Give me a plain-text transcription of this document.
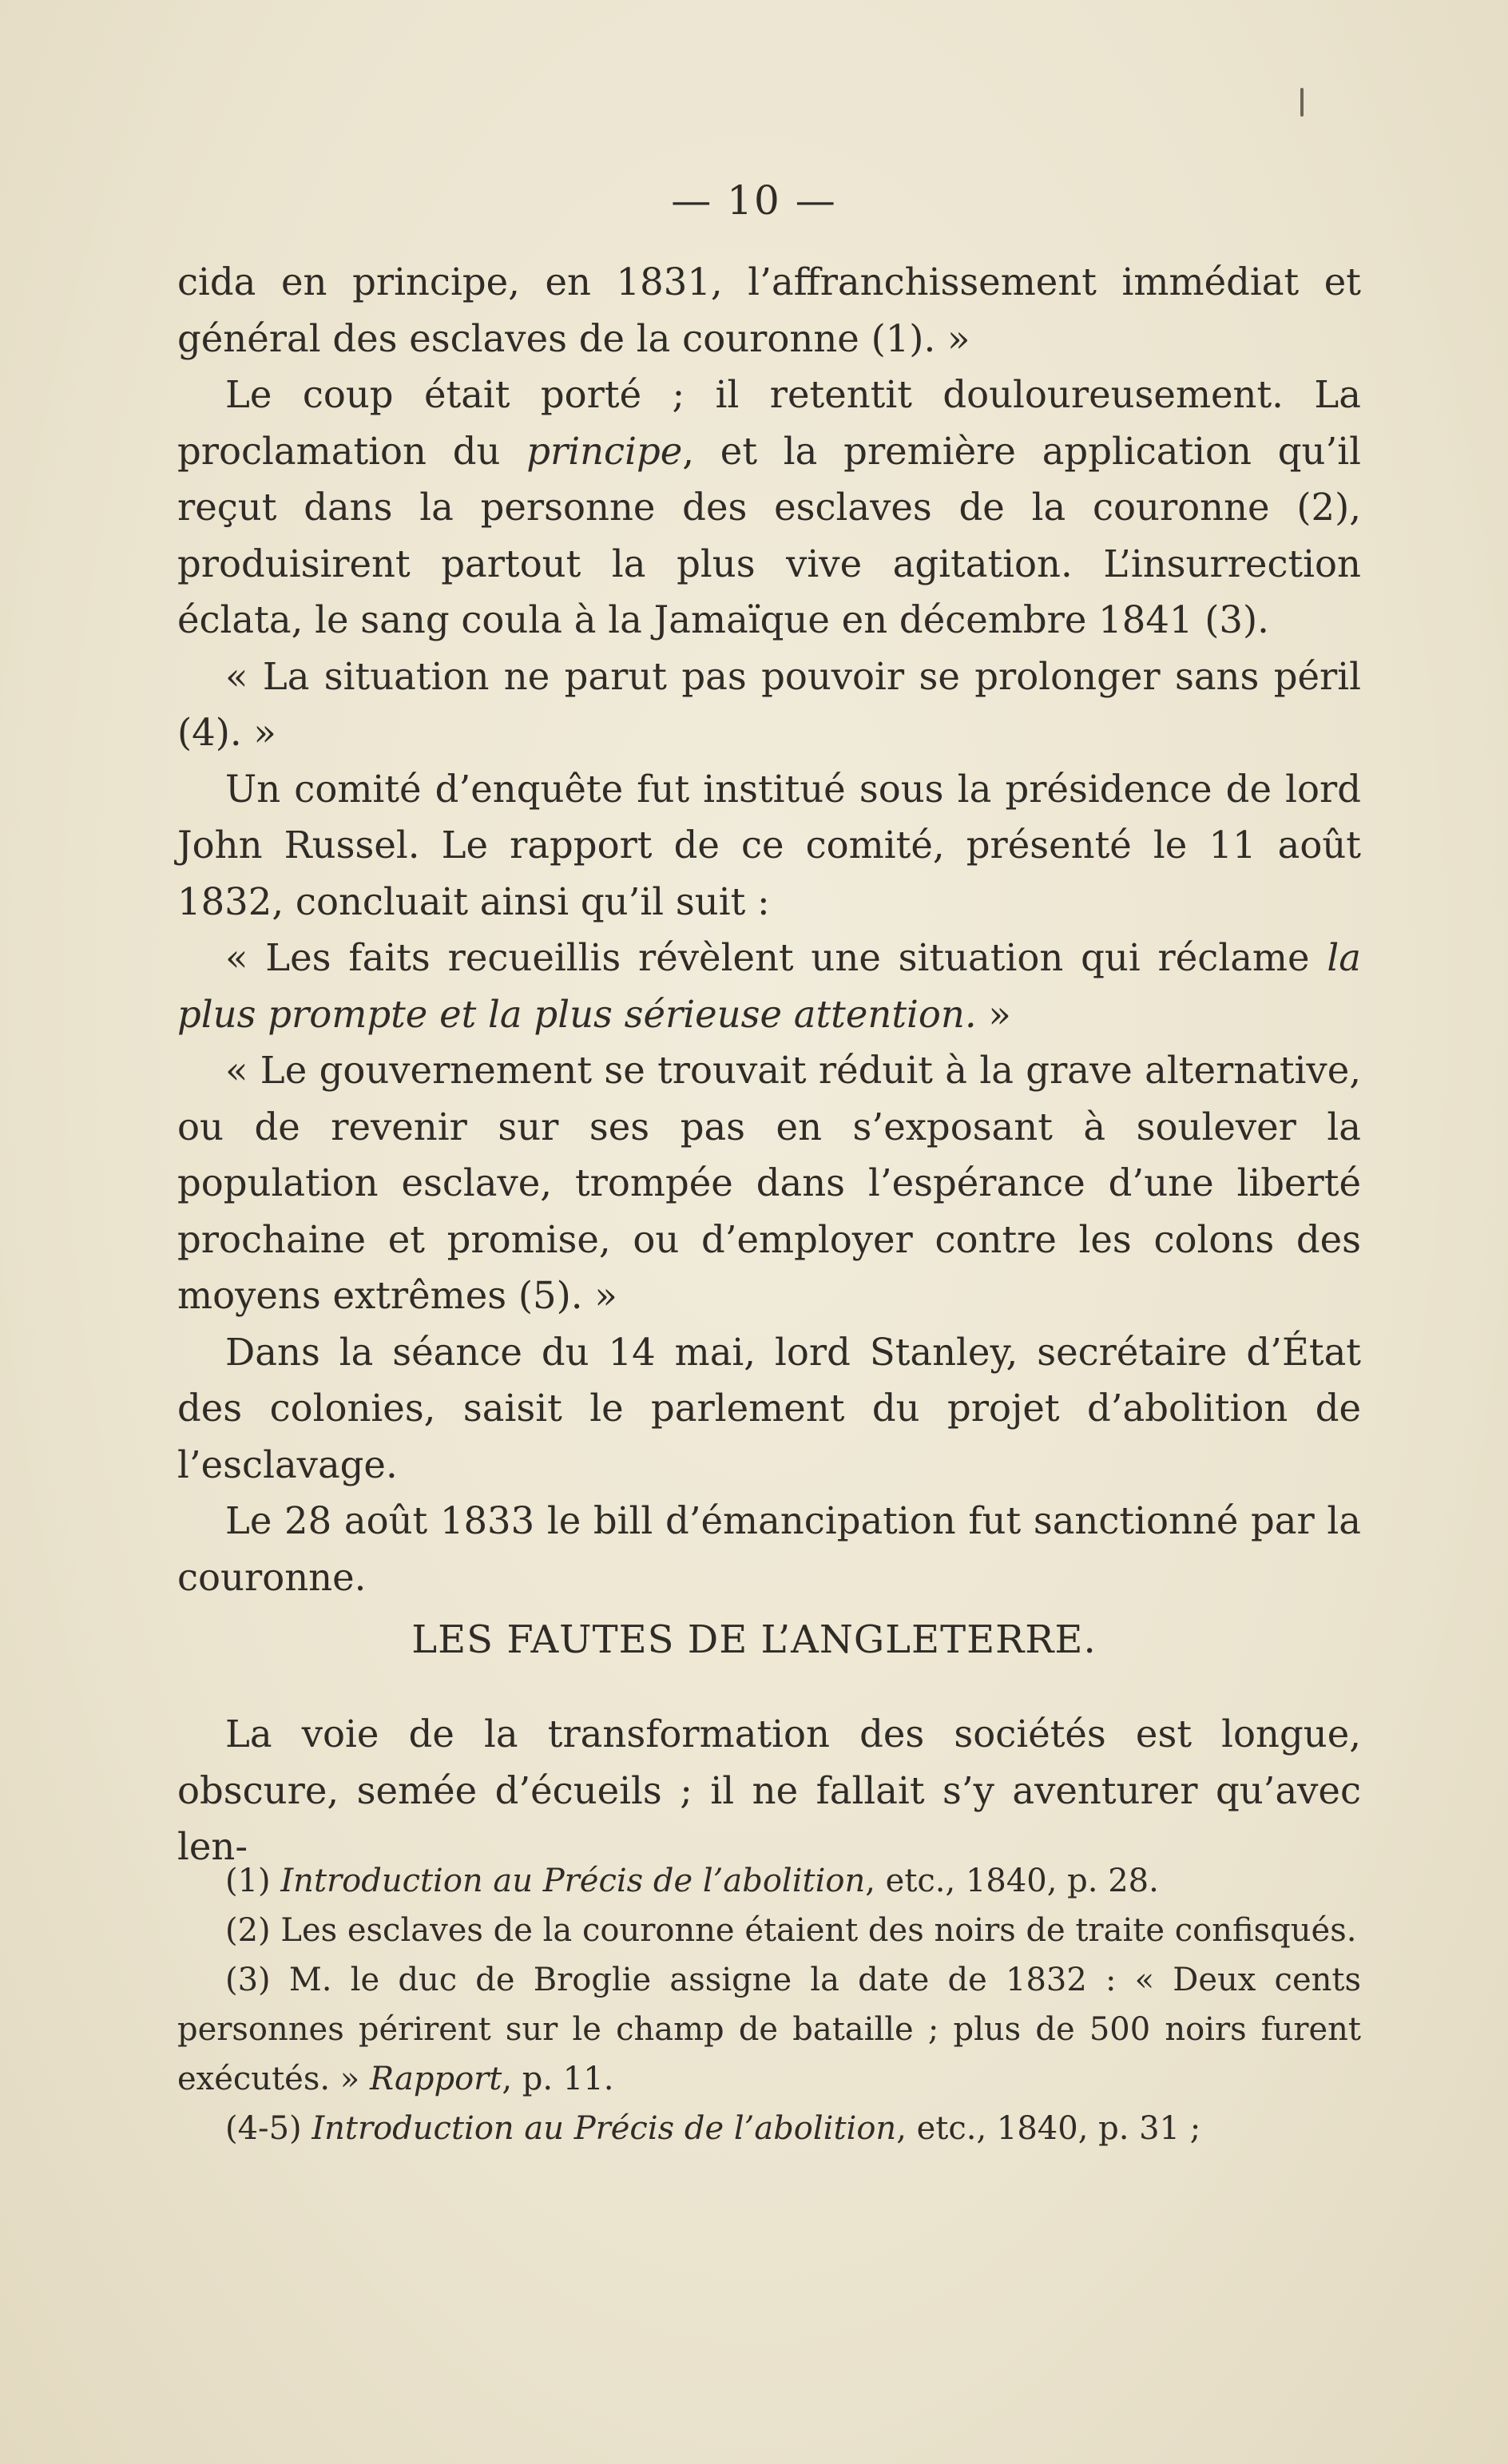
— 10 —

cida en principe, en 1831, l’affranchissement immédiat et général des esclaves de la couronne (1). »

Le coup était porté ; il retentit douloureusement. La proclamation du principe, et la première application qu’il reçut dans la personne des esclaves de la couronne (2), produisirent partout la plus vive agitation. L’insurrection éclata, le sang coula à la Jamaïque en décembre 1841 (3).

« La situation ne parut pas pouvoir se prolonger sans péril (4). »

Un comité d’enquête fut institué sous la présidence de lord John Russel. Le rapport de ce comité, présenté le 11 août 1832, concluait ainsi qu’il suit :

« Les faits recueillis révèlent une situation qui réclame la plus prompte et la plus sérieuse attention. »

« Le gouvernement se trouvait réduit à la grave alternative, ou de revenir sur ses pas en s’exposant à soulever la population esclave, trompée dans l’espérance d’une liberté prochaine et promise, ou d’employer contre les colons des moyens extrêmes (5). »

Dans la séance du 14 mai, lord Stanley, secrétaire d’État des colonies, saisit le parlement du projet d’abolition de l’esclavage.

Le 28 août 1833 le bill d’émancipation fut sanctionné par la couronne.

LES FAUTES DE L’ANGLETERRE.

La voie de la transformation des sociétés est longue, obscure, semée d’écueils ; il ne fallait s’y aventurer qu’avec len-

(1) Introduction au Précis de l’abolition, etc., 1840, p. 28.

(2) Les esclaves de la couronne étaient des noirs de traite confisqués.

(3) M. le duc de Broglie assigne la date de 1832 : « Deux cents personnes périrent sur le champ de bataille ; plus de 500 noirs furent exécutés. » Rapport, p. 11.

(4-5) Introduction au Précis de l’abolition, etc., 1840, p. 31 ;
